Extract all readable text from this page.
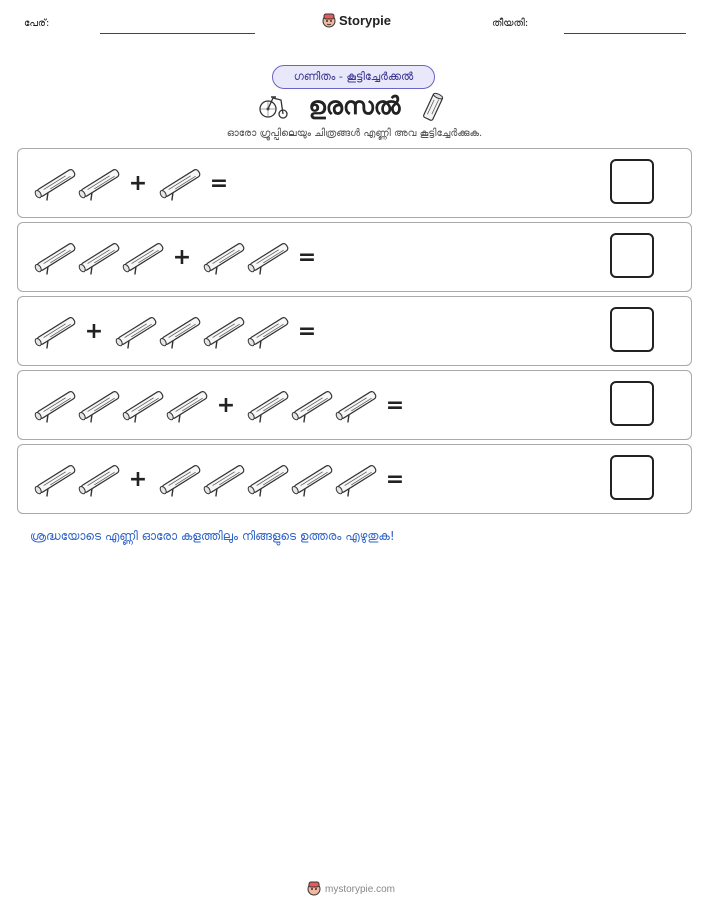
പേര്:	Storypie	തീയതി:
ഗണിതം - കൂട്ടിച്ചേർക്കൽ
ഉരസൽ
ഓരോ ഗ്രൂപ്പിലെയും ചിത്രങ്ങൾ എണ്ണി അവ കൂട്ടിച്ചേർക്കുക.
+	=
+	=
+	=
+	=
+	=
ശ്രദ്ധയോടെ എണ്ണി ഓരോ കളത്തിലും നിങ്ങളുടെ ഉത്തരം എഴുതുക!
mystorypie.com
